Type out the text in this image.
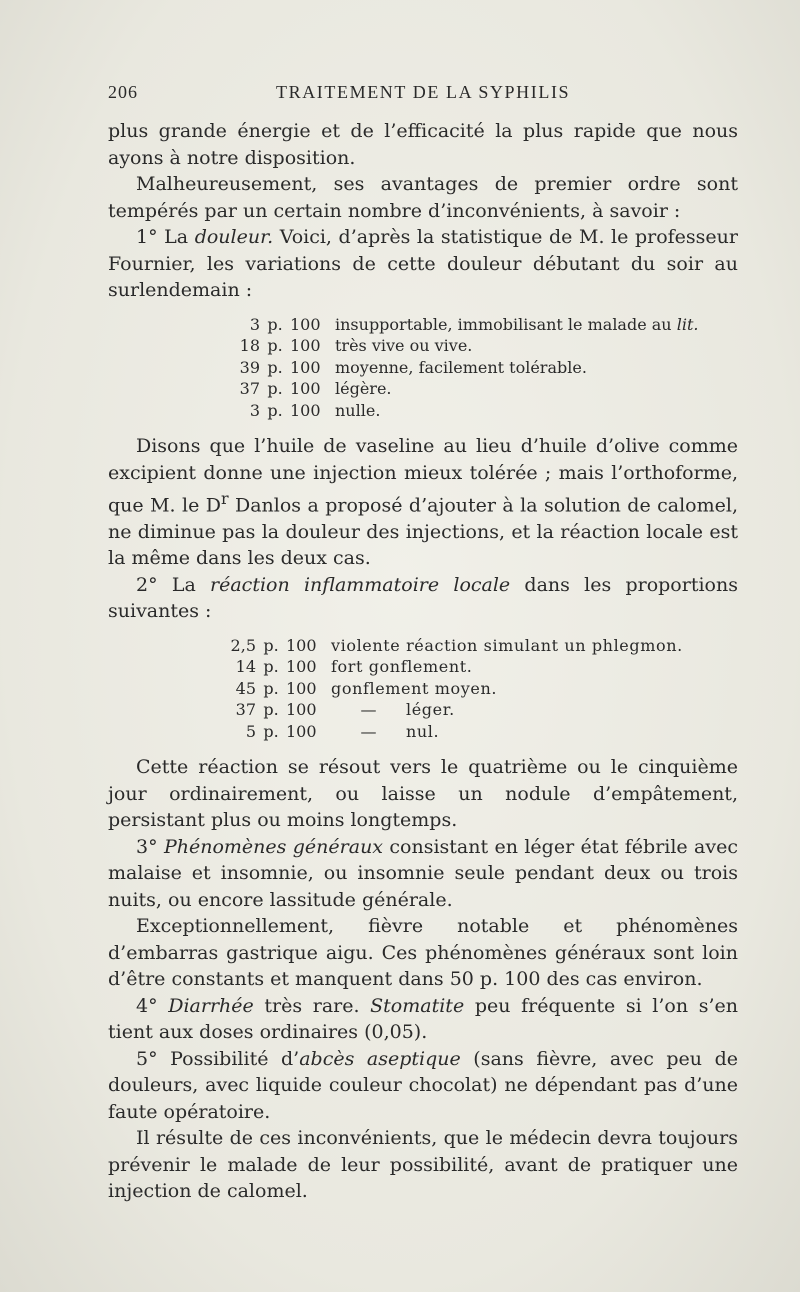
206	TRAITEMENT DE LA SYPHILIS

plus grande énergie et de l’efficacité la plus rapide que nous ayons à notre disposition.

Malheureusement, ses avantages de premier ordre sont tempérés par un certain nombre d’inconvénients, à savoir :

1° La douleur. Voici, d’après la statistique de M. le professeur Fournier, les variations de cette douleur débutant du soir au surlendemain :

3 p. 100 insupportable, immobilisant le malade au lit.
18 p. 100 très vive ou vive.
39 p. 100 moyenne, facilement tolérable.
37 p. 100 légère.
3 p. 100 nulle.

Disons que l’huile de vaseline au lieu d’huile d’olive comme excipient donne une injection mieux tolérée ; mais l’orthoforme, que M. le $D^r$ Danlos a proposé d’ajouter à la solution de calomel, ne diminue pas la douleur des injections, et la réaction locale est la même dans les deux cas.

2° La réaction inflammatoire locale dans les proportions suivantes :

2,5 p. 100 violente réaction simulant un phlegmon.
14 p. 100 fort gonflement.
45 p. 100 gonflement moyen.
37 p. 100	—	léger.
5 p. 100	—	nul.

Cette réaction se résout vers le quatrième ou le cinquième jour ordinairement, ou laisse un nodule d’empâtement, persistant plus ou moins longtemps.

3° Phénomènes généraux consistant en léger état fébrile avec malaise et insomnie, ou insomnie seule pendant deux ou trois nuits, ou encore lassitude générale.

Exceptionnellement, fièvre notable et phénomènes d’embarras gastrique aigu. Ces phénomènes généraux sont loin d’être constants et manquent dans 50 p. 100 des cas environ.

4° Diarrhée très rare. Stomatite peu fréquente si l’on s’en tient aux doses ordinaires (0,05).

5° Possibilité d’abcès aseptique (sans fièvre, avec peu de douleurs, avec liquide couleur chocolat) ne dépendant pas d’une faute opératoire.

Il résulte de ces inconvénients, que le médecin devra toujours prévenir le malade de leur possibilité, avant de pratiquer une injection de calomel.
